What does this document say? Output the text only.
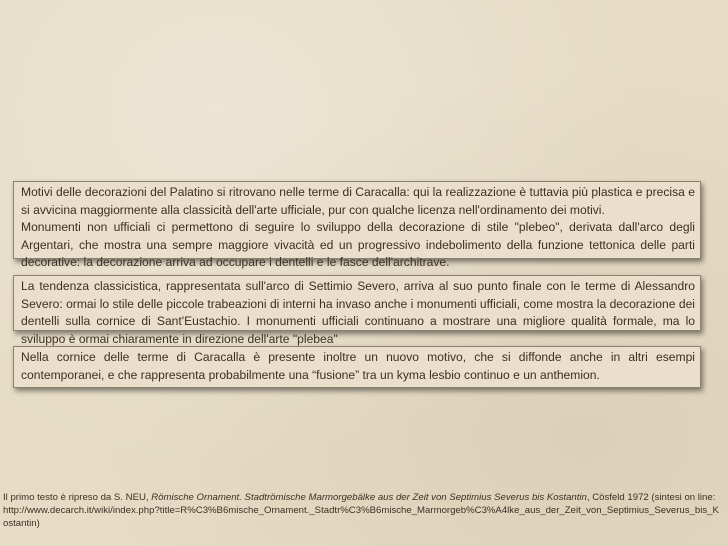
Motivi delle decorazioni del Palatino si ritrovano nelle terme di Caracalla: qui la realizzazione è tuttavia più plastica e precisa e si avvicina maggiormente alla classicità dell'arte ufficiale, pur con qualche licenza nell'ordinamento dei motivi.

Monumenti non ufficiali ci permettono di seguire lo sviluppo della decorazione di stile "plebeo", derivata dall'arco degli Argentari, che mostra una sempre maggiore vivacità ed un progressivo indebolimento della funzione tettonica delle parti decorative: la decorazione arriva ad occupare i dentelli e le fasce dell'architrave.

La tendenza classicistica, rappresentata sull'arco di Settimio Severo, arriva al suo punto finale con le terme di Alessandro Severo: ormai lo stile delle piccole trabeazioni di interni ha invaso anche i monumenti ufficiali, come mostra la decorazione dei dentelli sulla cornice di Sant'Eustachio. I monumenti ufficiali continuano a mostrare una migliore qualità formale, ma lo sviluppo è ormai chiaramente in direzione dell'arte "plebea"

Nella cornice delle terme di Caracalla è presente inoltre un nuovo motivo, che si diffonde anche in altri esempi contemporanei, e che rappresenta probabilmente una “fusione” tra un kyma lesbio continuo e un anthemion.

Il primo testo è ripreso da S. NEU, Römische Ornament. Stadtrömische Marmorgebälke aus der Zeit von Septimius Severus bis Kostantin, Cösfeld 1972 (sintesi on line:
http://www.decarch.it/wiki/index.php?title=R%C3%B6mische_Ornament._Stadtr%C3%B6mische_Marmorgeb%C3%A4lke_aus_der_Zeit_von_Septimius_Severus_bis_Kostantin)
